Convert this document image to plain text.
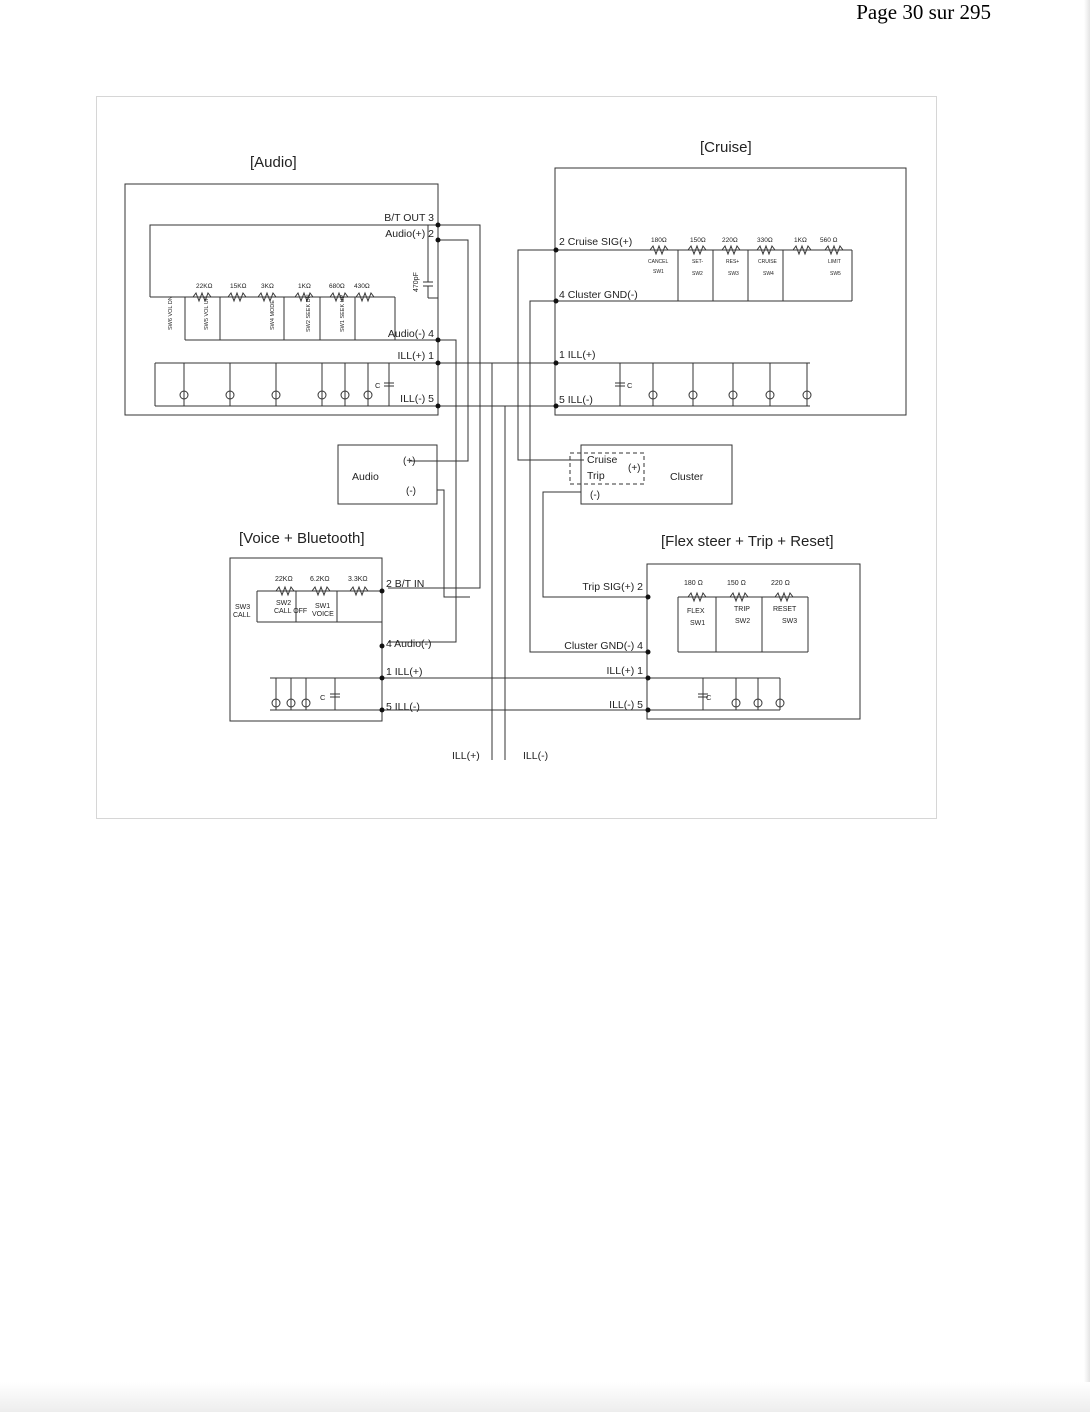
Page 30 sur 295
[Audio]
B/T OUT 3
Audio(+) 2
Audio(-) 4
ILL(+) 1
ILL(-) 5
22KΩ	15KΩ 3KΩ	1KΩ	680Ω 430Ω	470pF
SW6 VOL DN	SW5 VOL UP	SW4 MODE	SW2 SEEK DN	SW1 SEEK UP
C
[Cruise]
2 Cruise SIG(+)
4 Cluster GND(-)
1 ILL(+)
5 ILL(-)
180Ω	150Ω	220Ω	330Ω	1KΩ 560 Ω
CANCEL
SW1
SET-
SW2
RES+
SW3
CRUISE
SW4
LIMIT
SW5
C
Audio
(+)
(-)
Cruise
Trip
(+)
(-)
Cluster
[Voice + Bluetooth]
2 B/T IN
4 Audio(-)
1 ILL(+)
5 ILL(-)
22KΩ 6.2KΩ	3.3KΩ
SW3
CALL
SW2
CALL OFF
SW1
VOICE
C
[Flex steer + Trip + Reset]
Trip SIG(+) 2
Cluster GND(-) 4
ILL(+) 1
ILL(-) 5
180 Ω	150 Ω	220 Ω
FLEX
SW1
TRIP
SW2
RESET
SW3
C
ILL(+)	ILL(-)
